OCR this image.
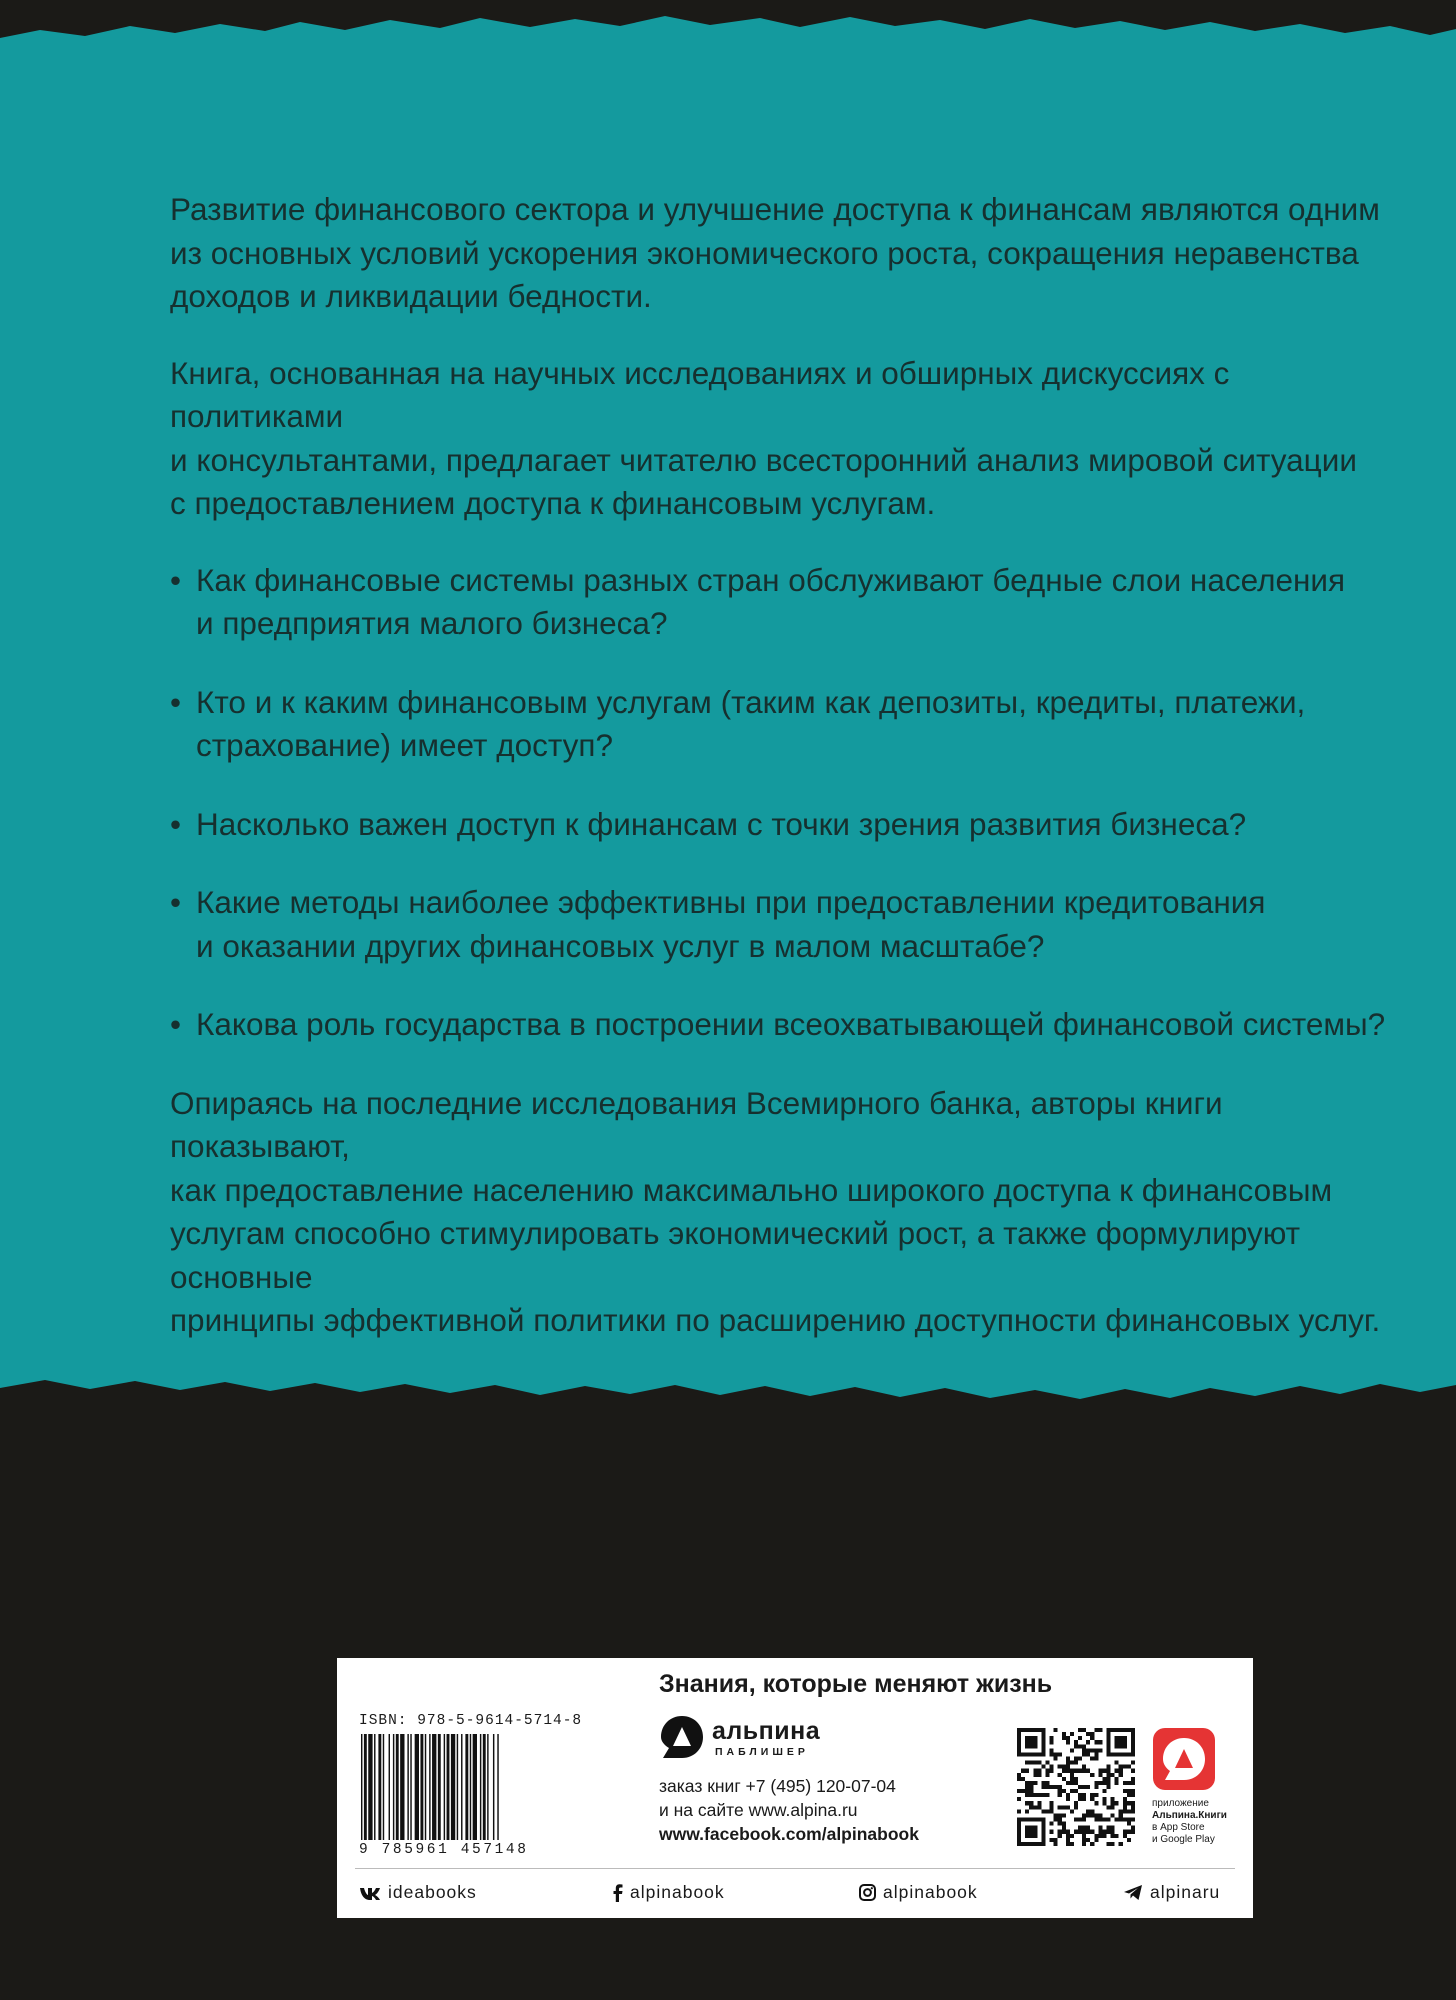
Развитие финансового сектора и улучшение доступа к финансам являются одним
из основных условий ускорения экономического роста, сокращения неравенства
доходов и ликвидации бедности.

Книга, основанная на научных исследованиях и обширных дискуссиях с политиками
и консультантами, предлагает читателю всесторонний анализ мировой ситуации
с предоставлением доступа к финансовым услугам.

• Как финансовые системы разных стран обслуживают бедные слои населения
и предприятия малого бизнеса?
• Кто и к каким финансовым услугам (таким как депозиты, кредиты, платежи,
страхование) имеет доступ?
• Насколько важен доступ к финансам с точки зрения развития бизнеса?
• Какие методы наиболее эффективны при предоставлении кредитования
и оказании других финансовых услуг в малом масштабе?
• Какова роль государства в построении всеохватывающей финансовой системы?

Опираясь на последние исследования Всемирного банка, авторы книги показывают,
как предоставление населению максимально широкого доступа к финансовым
услугам способно стимулировать экономический рост, а также формулируют основные
принципы эффективной политики по расширению доступности финансовых услуг.

ISBN: 978-5-9614-5714-8
9 785961 457148
Знания, которые меняют жизнь
альпина
ПАБЛИШЕР
заказ книг +7 (495) 120-07-04
и на сайте www.alpina.ru
www.facebook.com/alpinabook
приложение
Альпина.Книги
в App Store
и Google Play
ideabooks	alpinabook	alpinabook	alpinaru
